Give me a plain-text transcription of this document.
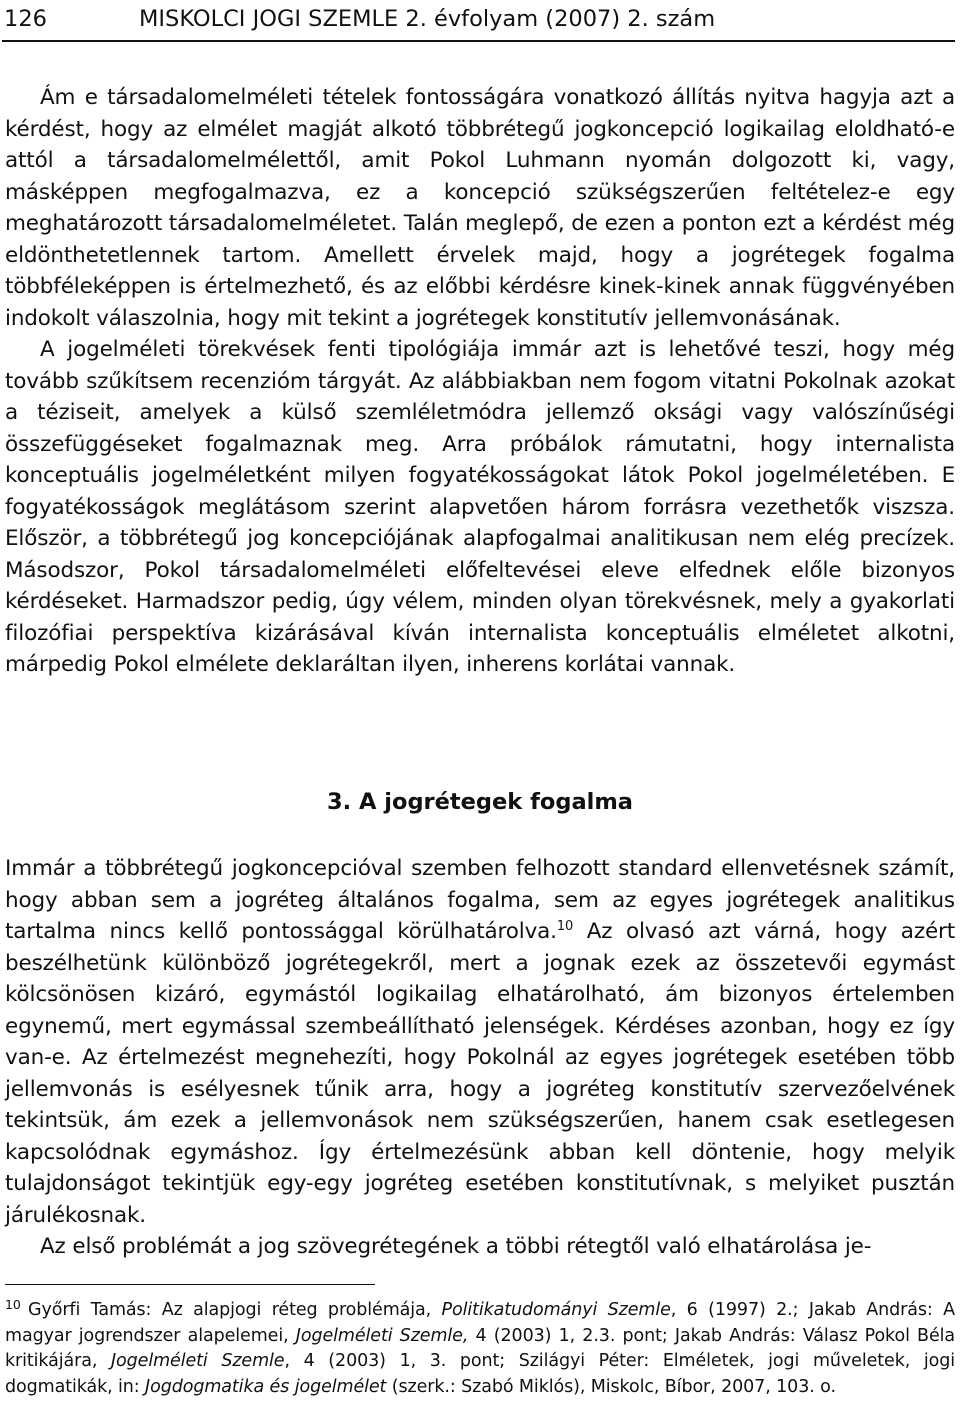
126	MISKOLCI JOGI SZEMLE 2. évfolyam (2007) 2. szám

Ám e társadalomelméleti tételek fontosságára vonatkozó állítás nyitva hagyja azt a kérdést, hogy az elmélet magját alkotó többrétegű jogkoncepció logikailag eloldható-e attól a társadalomelmélettől, amit Pokol Luhmann nyomán dolgozott ki, vagy, másképpen megfogalmazva, ez a koncepció szükségszerűen feltételez-e egy meghatározott társadalomelméletet. Talán meglepő, de ezen a ponton ezt a kérdést még eldönthetetlennek tartom. Amellett érvelek majd, hogy a jogrétegek fogalma többféleképpen is értelmezhető, és az előbbi kérdésre kinek-kinek annak függvényében indokolt válaszolnia, hogy mit tekint a jogrétegek konstitutív jellemvonásának.

A jogelméleti törekvések fenti tipológiája immár azt is lehetővé teszi, hogy még tovább szűkítsem recenzióm tárgyát. Az alábbiakban nem fogom vitatni Pokolnak azokat a téziseit, amelyek a külső szemléletmódra jellemző oksági vagy valószínűségi összefüggéseket fogalmaznak meg. Arra próbálok rámutatni, hogy internalista konceptuális jogelméletként milyen fogyatékosságokat látok Pokol jogelméletében. E fogyatékosságok meglátásom szerint alapvetően három forrásra vezethetők viszsza. Először, a többrétegű jog koncepciójának alapfogalmai analitikusan nem elég precízek. Másodszor, Pokol társadalomelméleti előfeltevései eleve elfednek előle bizonyos kérdéseket. Harmadszor pedig, úgy vélem, minden olyan törekvésnek, mely a gyakorlati filozófiai perspektíva kizárásával kíván internalista konceptuális elméletet alkotni, márpedig Pokol elmélete deklaráltan ilyen, inherens korlátai vannak.

3. A jogrétegek fogalma

Immár a többrétegű jogkoncepcióval szemben felhozott standard ellenvetésnek számít, hogy abban sem a jogréteg általános fogalma, sem az egyes jogrétegek analitikus tartalma nincs kellő pontossággal körülhatárolva.$^{10}$ Az olvasó azt várná, hogy azért beszélhetünk különböző jogrétegekről, mert a jognak ezek az összetevői egymást kölcsönösen kizáró, egymástól logikailag elhatárolható, ám bizonyos értelemben egynemű, mert egymással szembeállítható jelenségek. Kérdéses azonban, hogy ez így van-e. Az értelmezést megnehezíti, hogy Pokolnál az egyes jogrétegek esetében több jellemvonás is esélyesnek tűnik arra, hogy a jogréteg konstitutív szervezőelvének tekintsük, ám ezek a jellemvonások nem szükségszerűen, hanem csak esetlegesen kapcsolódnak egymáshoz. Így értelmezésünk abban kell döntenie, hogy melyik tulajdonságot tekintjük egy-egy jogréteg esetében konstitutívnak, s melyiket pusztán járulékosnak.

Az első problémát a jog szövegrétegének a többi rétegtől való elhatárolása je-

10 Győrfi Tamás: Az alapjogi réteg problémája, Politikatudományi Szemle, 6 (1997) 2.; Jakab András: A magyar jogrendszer alapelemei, Jogelméleti Szemle, 4 (2003) 1, 2.3. pont; Jakab András: Válasz Pokol Béla kritikájára, Jogelméleti Szemle, 4 (2003) 1, 3. pont; Szilágyi Péter: Elméletek, jogi műveletek, jogi dogmatikák, in: Jogdogmatika és jogelmélet (szerk.: Szabó Miklós), Miskolc, Bíbor, 2007, 103. o.
